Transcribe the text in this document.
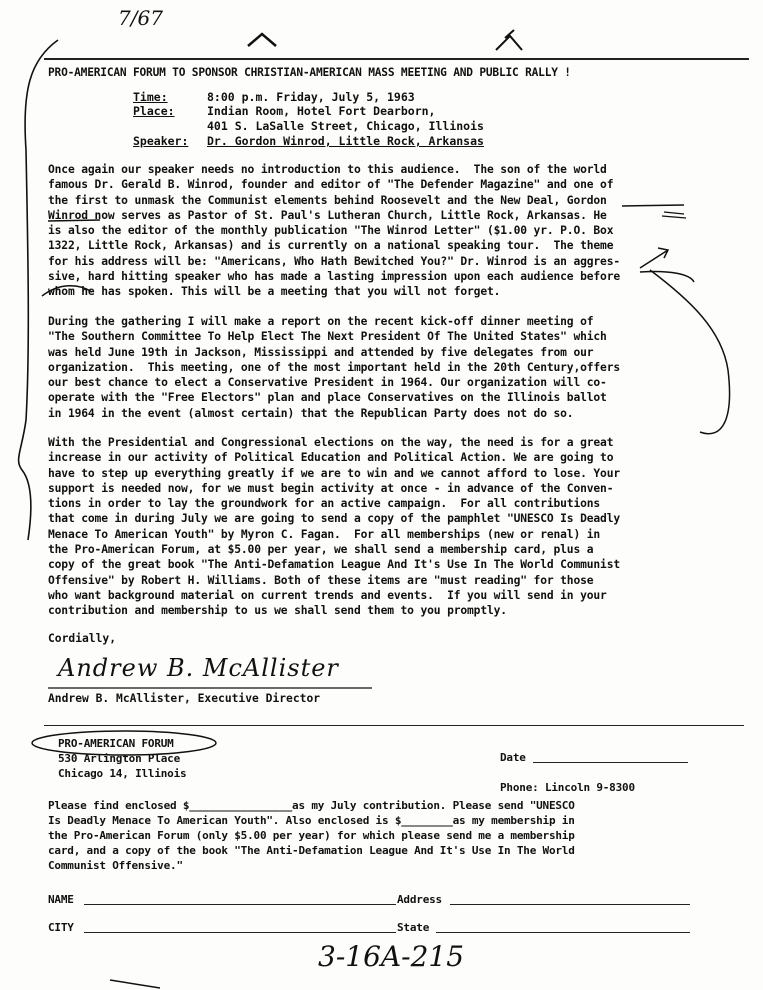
7/67
PRO-AMERICAN FORUM TO SPONSOR CHRISTIAN-AMERICAN MASS MEETING AND PUBLIC RALLY !
Time:	8:00 p.m. Friday, July 5, 1963
Place:	Indian Room, Hotel Fort Dearborn,
401 S. LaSalle Street, Chicago, Illinois
Speaker: Dr. Gordon Winrod, Little Rock, Arkansas
Once again our speaker needs no introduction to this audience.  The son of the world
famous Dr. Gerald B. Winrod, founder and editor of "The Defender Magazine" and one of
the first to unmask the Communist elements behind Roosevelt and the New Deal, Gordon
Winrod now serves as Pastor of St. Paul's Lutheran Church, Little Rock, Arkansas. He
is also the editor of the monthly publication "The Winrod Letter" ($1.00 yr. P.O. Box
1322, Little Rock, Arkansas) and is currently on a national speaking tour.  The theme
for his address will be: "Americans, Who Hath Bewitched You?" Dr. Winrod is an aggres-
sive, hard hitting speaker who has made a lasting impression upon each audience before
whom he has spoken. This will be a meeting that you will not forget.
During the gathering I will make a report on the recent kick-off dinner meeting of
"The Southern Committee To Help Elect The Next President Of The United States" which
was held June 19th in Jackson, Mississippi and attended by five delegates from our
organization.  This meeting, one of the most important held in the 20th Century,offers
our best chance to elect a Conservative President in 1964. Our organization will co-
operate with the "Free Electors" plan and place Conservatives on the Illinois ballot
in 1964 in the event (almost certain) that the Republican Party does not do so.
With the Presidential and Congressional elections on the way, the need is for a great
increase in our activity of Political Education and Political Action. We are going to
have to step up everything greatly if we are to win and we cannot afford to lose. Your
support is needed now, for we must begin activity at once - in advance of the Conven-
tions in order to lay the groundwork for an active campaign.  For all contributions
that come in during July we are going to send a copy of the pamphlet "UNESCO Is Deadly
Menace To American Youth" by Myron C. Fagan.  For all memberships (new or renal) in
the Pro-American Forum, at $5.00 per year, we shall send a membership card, plus a
copy of the great book "The Anti-Defamation League And It's Use In The World Communist
Offensive" by Robert H. Williams. Both of these items are "must reading" for those
who want background material on current trends and events.  If you will send in your
contribution and membership to us we shall send them to you promptly.
Cordially,
Andrew B. McAllister
Andrew B. McAllister, Executive Director
PRO-AMERICAN FORUM
530 Arlington Place
Chicago 14, Illinois
Date
Phone: Lincoln 9-8300
Please find enclosed $________________as my July contribution. Please send "UNESCO
Is Deadly Menace To American Youth". Also enclosed is $________as my membership in
the Pro-American Forum (only $5.00 per year) for which please send me a membership
card, and a copy of the book "The Anti-Defamation League And It's Use In The World
Communist Offensive."
NAME	Address
CITY	State
3-16A-215
